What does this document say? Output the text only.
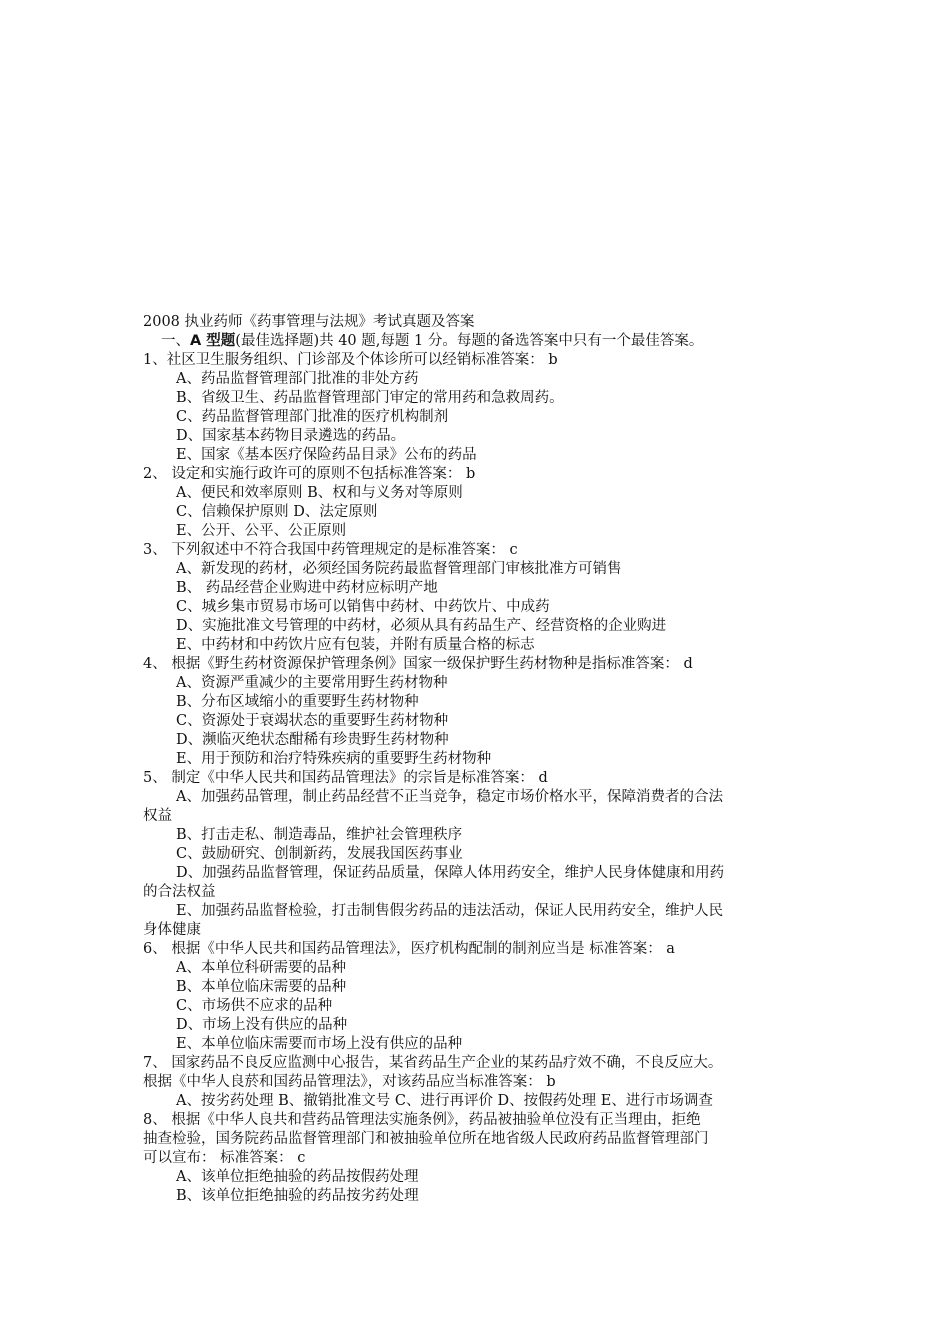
2008 执业药师《药事管理与法规》考试真题及答案
一、A 型题(最佳选择题)共 40 题,每题 1 分。每题的备选答案中只有一个最佳答案。
1、社区卫生服务组织、门诊部及个体诊所可以经销标准答案： b
A、药品监督管理部门批准的非处方药
B、省级卫生、药品监督管理部门审定的常用药和急救周药。
C、药品监督管理部门批准的医疗机构制剂
D、国家基本药物目录遴选的药品。
E、国家《基本医疗保险药品目录》公布的药品
2、 设定和实施行政许可的原则不包括标准答案： b
A、便民和效率原则 B、权和与义务对等原则
C、信赖保护原则 D、法定原则
E、公开、公平、公正原则
3、 下列叙述中不符合我国中药管理规定的是标准答案： c
A、新发现的药材，必须经国务院药最监督管理部门审核批准方可销售
B、 药品经营企业购进中药材应标明产地
C、城乡集市贸易市场可以销售中药材、中药饮片、中成药
D、实施批准文号管理的中药材，必须从具有药品生产、经营资格的企业购进
E、中药材和中药饮片应有包装，并附有质量合格的标志
4、 根据《野生药材资源保护管理条例》国家一级保护野生药材物种是指标准答案： d
A、资源严重减少的主要常用野生药材物种
B、分布区域缩小的重要野生药材物种
C、资源处于衰竭状态的重要野生药材物种
D、濒临灭绝状态酣稀有珍贵野生药材物种
E、用于预防和治疗特殊疾病的重要野生药材物种
5、 制定《中华人民共和国药品管理法》的宗旨是标准答案： d
A、加强药品管理，制止药品经营不正当竞争，稳定市场价格水平，保障消费者的合法
权益
B、打击走私、制造毒品，维护社会管理秩序
C、鼓励研究、创制新药，发展我国医药事业
D、加强药品监督管理，保证药品质量，保障人体用药安全，维护人民身体健康和用药
的合法权益
E、加强药品监督检验，打击制售假劣药品的违法活动，保证人民用药安全，维护人民
身体健康
6、 根据《中华人民共和国药品管理法》，医疗机构配制的制剂应当是 标准答案： a
A、本单位科研需要的品种
B、本单位临床需要的品种
C、市场供不应求的品种
D、市场上没有供应的品种
E、本单位临床需要而市场上没有供应的品种
7、 国家药品不良反应监测中心报告，某省药品生产企业的某药品疗效不确，不良反应大。
根据《中华人良菸和国药品管理法》，对该药品应当标准答案： b
A、按劣药处理 B、撤销批准文号 C、进行再评价 D、按假药处理 E、进行市场调查
8、 根据《中华人良共和营药品管理法实施条例》，药品被抽验单位没有正当理由，拒绝
抽查检验，国务院药品监督管理部门和被抽验单位所在地省级人民政府药品监督管理部门
可以宣布： 标准答案： c
A、该单位拒绝抽验的药品按假药处理
B、该单位拒绝抽验的药品按劣药处理
